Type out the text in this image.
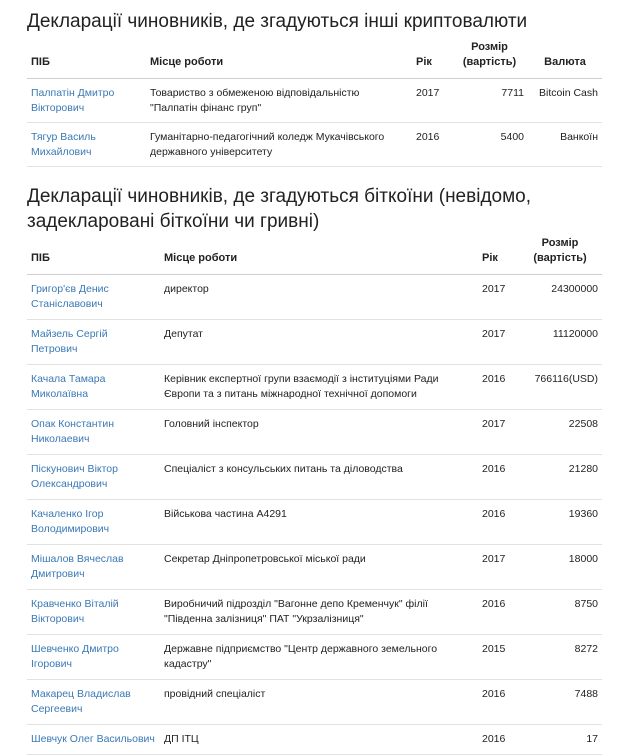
Декларації чиновників, де згадуються інші криптовалюти
ПІБ	Місце роботи	Рік	Розмір (вартість)	Валюта
Палпатін Дмитро Вікторович	Товариство з обмеженою відповідальністю "Палпатін фінанс груп"	2017	7711	Bitcoin Cash
Тягур Василь Михайлович	Гуманітарно-педагогічний коледж Мукачівського державного університету	2016	5400	Ванкоїн
Декларації чиновників, де згадуються біткоїни (невідомо, задекларовані біткоїни чи гривні)
ПІБ	Місце роботи	Рік	Розмір (вартість)
Григор'єв Денис Станіславович	директор	2017	24300000
Майзель Сергій Петрович	Депутат	2017	11120000
Качала Тамара Миколаївна	Керівник експертної групи взаємодії з інституціями Ради Європи та з питань міжнародної технічної допомоги	2016	766116(USD)
Опак Константин Николаевич	Головний інспектор	2017	22508
Піскунович Віктор Олександрович	Спеціаліст з консульських питань та діловодства	2016	21280
Качаленко Ігор Володимирович	Військова частина А4291	2016	19360
Мішалов Вячеслав Дмитрович	Секретар Дніпропетровської міської ради	2017	18000
Кравченко Віталій Вікторович	Виробничий підрозділ "Вагонне депо Кременчук" філії "Південна залізниця" ПАТ "Укрзалізниця"	2016	8750
Шевченко Дмитро Ігорович	Державне підприємство "Центр державного земельного кадастру"	2015	8272
Макарец Владислав Сергеевич	провідний спеціаліст	2016	7488
Шевчук Олег Васильович	ДП ІТЦ	2016	17
